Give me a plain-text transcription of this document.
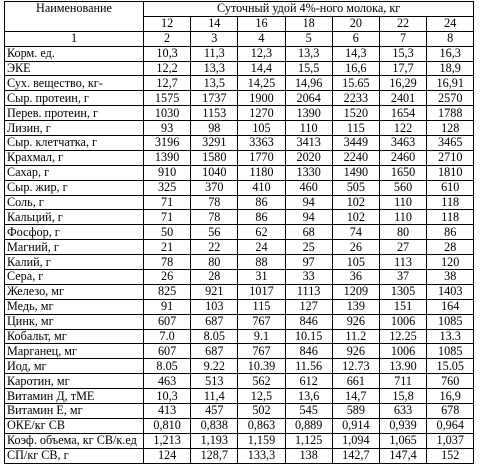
Наименование	Суточный удой 4%-ного молока, кг						
	12	14	16	18	20	22	24
1	2	3	4	5	6	7	8
Корм. ед.	10,3	11,3	12,3	13,3	14,3	15,3	16,3
ЭКЕ	12,2	13,3	14,4	15,5	16,6	17,7	18,9
Сух. вещество, кг-	12,7	13,5	14,25	14,96	15.65	16,29	16,91
Сыр. протеин, г	1575	1737	1900	2064	2233	2401	2570
Перев. протеин, г	1030	1153	1270	1390	1520	1654	1788
Лизин, г	93	98	105	110	115	122	128
Сыр. клетчатка, г	3196	3291	3363	3413	3449	3463	3465
Крахмал, г	1390	1580	1770	2020	2240	2460	2710
Сахар, г	910	1040	1180	1330	1490	1650	1810
Сыр. жир, г	325	370	410	460	505	560	610
Соль, г	71	78	86	94	102	110	118
Кальций, г	71	78	86	94	102	110	118
Фосфор, г	50	56	62	68	74	80	86
Магний, г	21	22	24	25	26	27	28
Калий, г	78	80	88	97	105	113	120
Сера, г	26	28	31	33	36	37	38
Железо, мг	825	921	1017	1113	1209	1305	1403
Медь, мг	91	103	115	127	139	151	164
Цинк, мг	607	687	767	846	926	1006	1085
Кобальт, мг	7.0	8.05	9.1	10.15	11.2	12.25	13.3
Марганец, мг	607	687	767	846	926	1006	1085
Иод, мг	8.05	9.22	10.39	11.56	12.73	13.90	15.05
Каротин, мг	463	513	562	612	661	711	760
Витамин Д, тМЕ	10,3	11,4	12,5	13,6	14,7	15,8	16,9
Витамин Е, мг	413	457	502	545	589	633	678
ОКЕ/кг СВ	0,810	0,838	0,863	0,889	0,914	0,939	0,964
Коэф. объема, кг СВ/к.ед	1,213	1,193	1,159	1,125	1,094	1,065	1,037
СП/кг СВ, г	124	128,7	133,3	138	142,7	147,4	152
